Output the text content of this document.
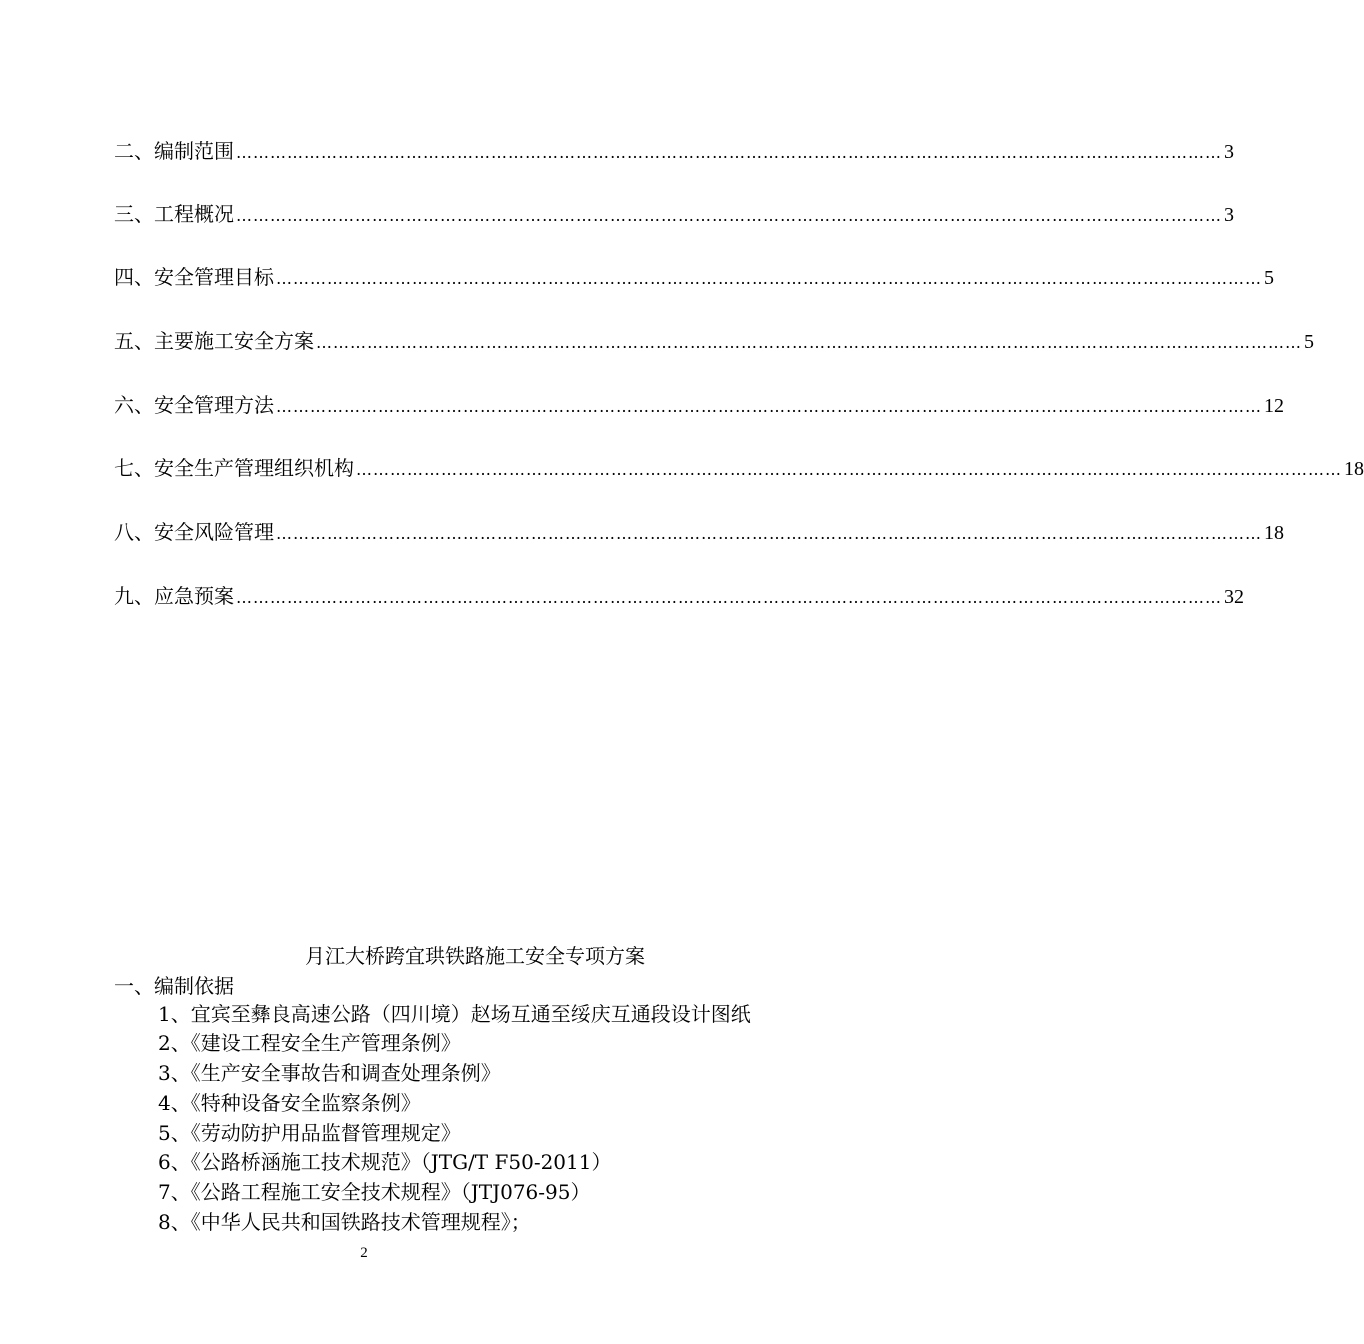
二、编制范围 ………………………………………………………………………………………………………………………………………………………… 3
三、工程概况 ………………………………………………………………………………………………………………………………………………………… 3
四、安全管理目标 ………………………………………………………………………………………………………………………………………………………… 5
五、主要施工安全方案 ………………………………………………………………………………………………………………………………………………………… 5
六、安全管理方法 ………………………………………………………………………………………………………………………………………………………… 12
七、安全生产管理组织机构 ………………………………………………………………………………………………………………………………………………………… 18
八、安全风险管理 ………………………………………………………………………………………………………………………………………………………… 18
九、应急预案 ………………………………………………………………………………………………………………………………………………………… 32
月江大桥跨宜珙铁路施工安全专项方案
一、编制依据
1、宜宾至彝良高速公路（四川境）赵场互通至绥庆互通段设计图纸
2、《建设工程安全生产管理条例》
3、《生产安全事故告和调查处理条例》
4、《特种设备安全监察条例》
5、《劳动防护用品监督管理规定》
6、《公路桥涵施工技术规范》（JTG/T F50-2011）
7、《公路工程施工安全技术规程》（JTJ076-95）
8、《中华人民共和国铁路技术管理规程》；
2
